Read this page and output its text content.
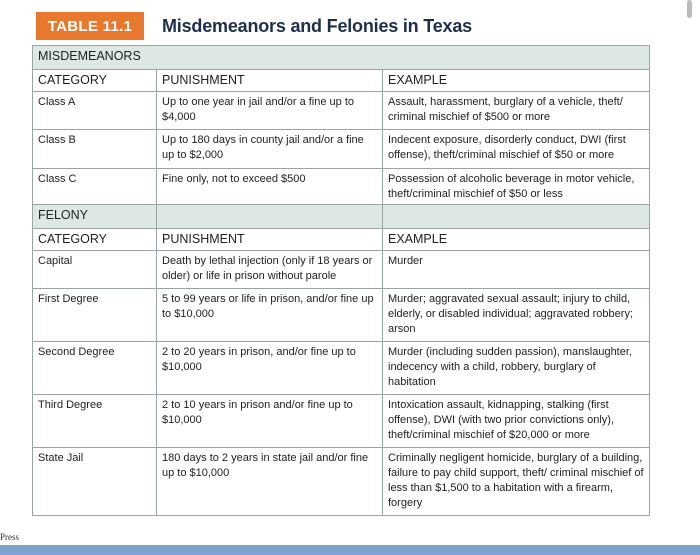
TABLE 11.1	Misdemeanors and Felonies in Texas
MISDEMEANORS		
CATEGORY	PUNISHMENT	EXAMPLE
Class A	Up to one year in jail and/or a fine up to $4,000	Assault, harassment, burglary of a vehicle, theft/ criminal mischief of $500 or more
Class B	Up to 180 days in county jail and/or a fine up to $2,000	Indecent exposure, disorderly conduct, DWI (first offense), theft/criminal mischief of $50 or more
Class C	Fine only, not to exceed $500	Possession of alcoholic beverage in motor vehicle, theft/criminal mischief of $50 or less
FELONY		
CATEGORY	PUNISHMENT	EXAMPLE
Capital	Death by lethal injection (only if 18 years or older) or life in prison without parole	Murder
First Degree	5 to 99 years or life in prison, and/or fine up to $10,000	Murder; aggravated sexual assault; injury to child, elderly, or disabled individual; aggravated robbery; arson
Second Degree	2 to 20 years in prison, and/or fine up to $10,000	Murder (including sudden passion), manslaughter, indecency with a child, robbery, burglary of habitation
Third Degree	2 to 10 years in prison and/or fine up to $10,000	Intoxication assault, kidnapping, stalking (first offense), DWI (with two prior convictions only), theft/criminal mischief of $20,000 or more
State Jail	180 days to 2 years in state jail and/or fine up to $10,000	Criminally negligent homicide, burglary of a building, failure to pay child support, theft/ criminal mischief of less than $1,500 to a habitation with a firearm, forgery
Press
